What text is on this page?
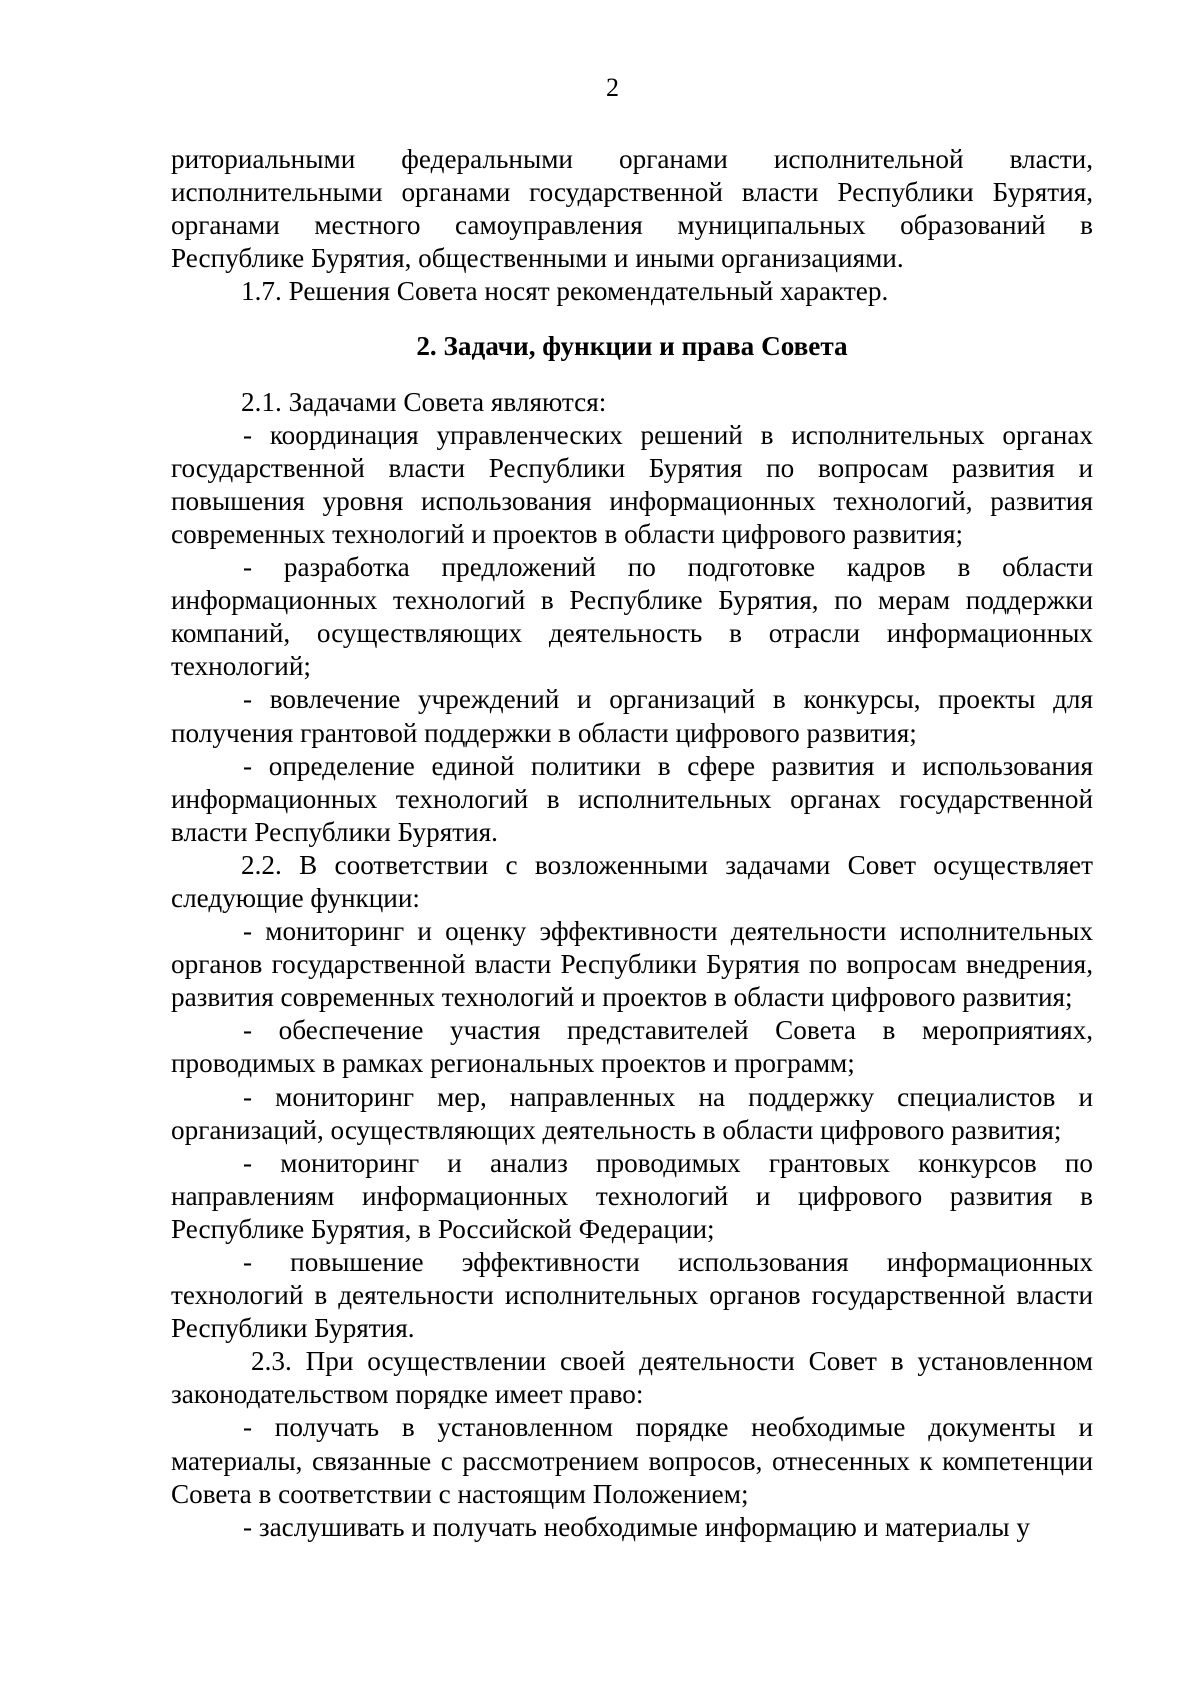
2

риториальными федеральными органами исполнительной власти, исполнительными органами государственной власти Республики Бурятия, органами местного самоуправления муниципальных образований в Республике Бурятия, общественными и иными организациями.

1.7. Решения Совета носят рекомендательный характер.

2. Задачи, функции и права Совета

2.1. Задачами Совета являются:

- координация управленческих решений в исполнительных органах государственной власти Республики Бурятия по вопросам развития и повышения уровня использования информационных технологий, развития современных технологий и проектов в области цифрового развития;

- разработка предложений по подготовке кадров в области информационных технологий в Республике Бурятия, по мерам поддержки компаний, осуществляющих деятельность в отрасли информационных технологий;

- вовлечение учреждений и организаций в конкурсы, проекты для получения грантовой поддержки в области цифрового развития;

- определение единой политики в сфере развития и использования информационных технологий в исполнительных органах государственной власти Республики Бурятия.

2.2. В соответствии с возложенными задачами Совет осуществляет следующие функции:

- мониторинг и оценку эффективности деятельности исполнительных органов государственной власти Республики Бурятия по вопросам внедрения, развития современных технологий и проектов в области цифрового развития;

- обеспечение участия представителей Совета в мероприятиях, проводимых в рамках региональных проектов и программ;

- мониторинг мер, направленных на поддержку специалистов и организаций, осуществляющих деятельность в области цифрового развития;

- мониторинг и анализ проводимых грантовых конкурсов по направлениям информационных технологий и цифрового развития в Республике Бурятия, в Российской Федерации;

- повышение эффективности использования информационных технологий в деятельности исполнительных органов государственной власти Республики Бурятия.

2.3. При осуществлении своей деятельности Совет в установленном законодательством порядке имеет право:

- получать в установленном порядке необходимые документы и материалы, связанные с рассмотрением вопросов, отнесенных к компетенции Совета в соответствии с настоящим Положением;

- заслушивать и получать необходимые информацию и материалы у
